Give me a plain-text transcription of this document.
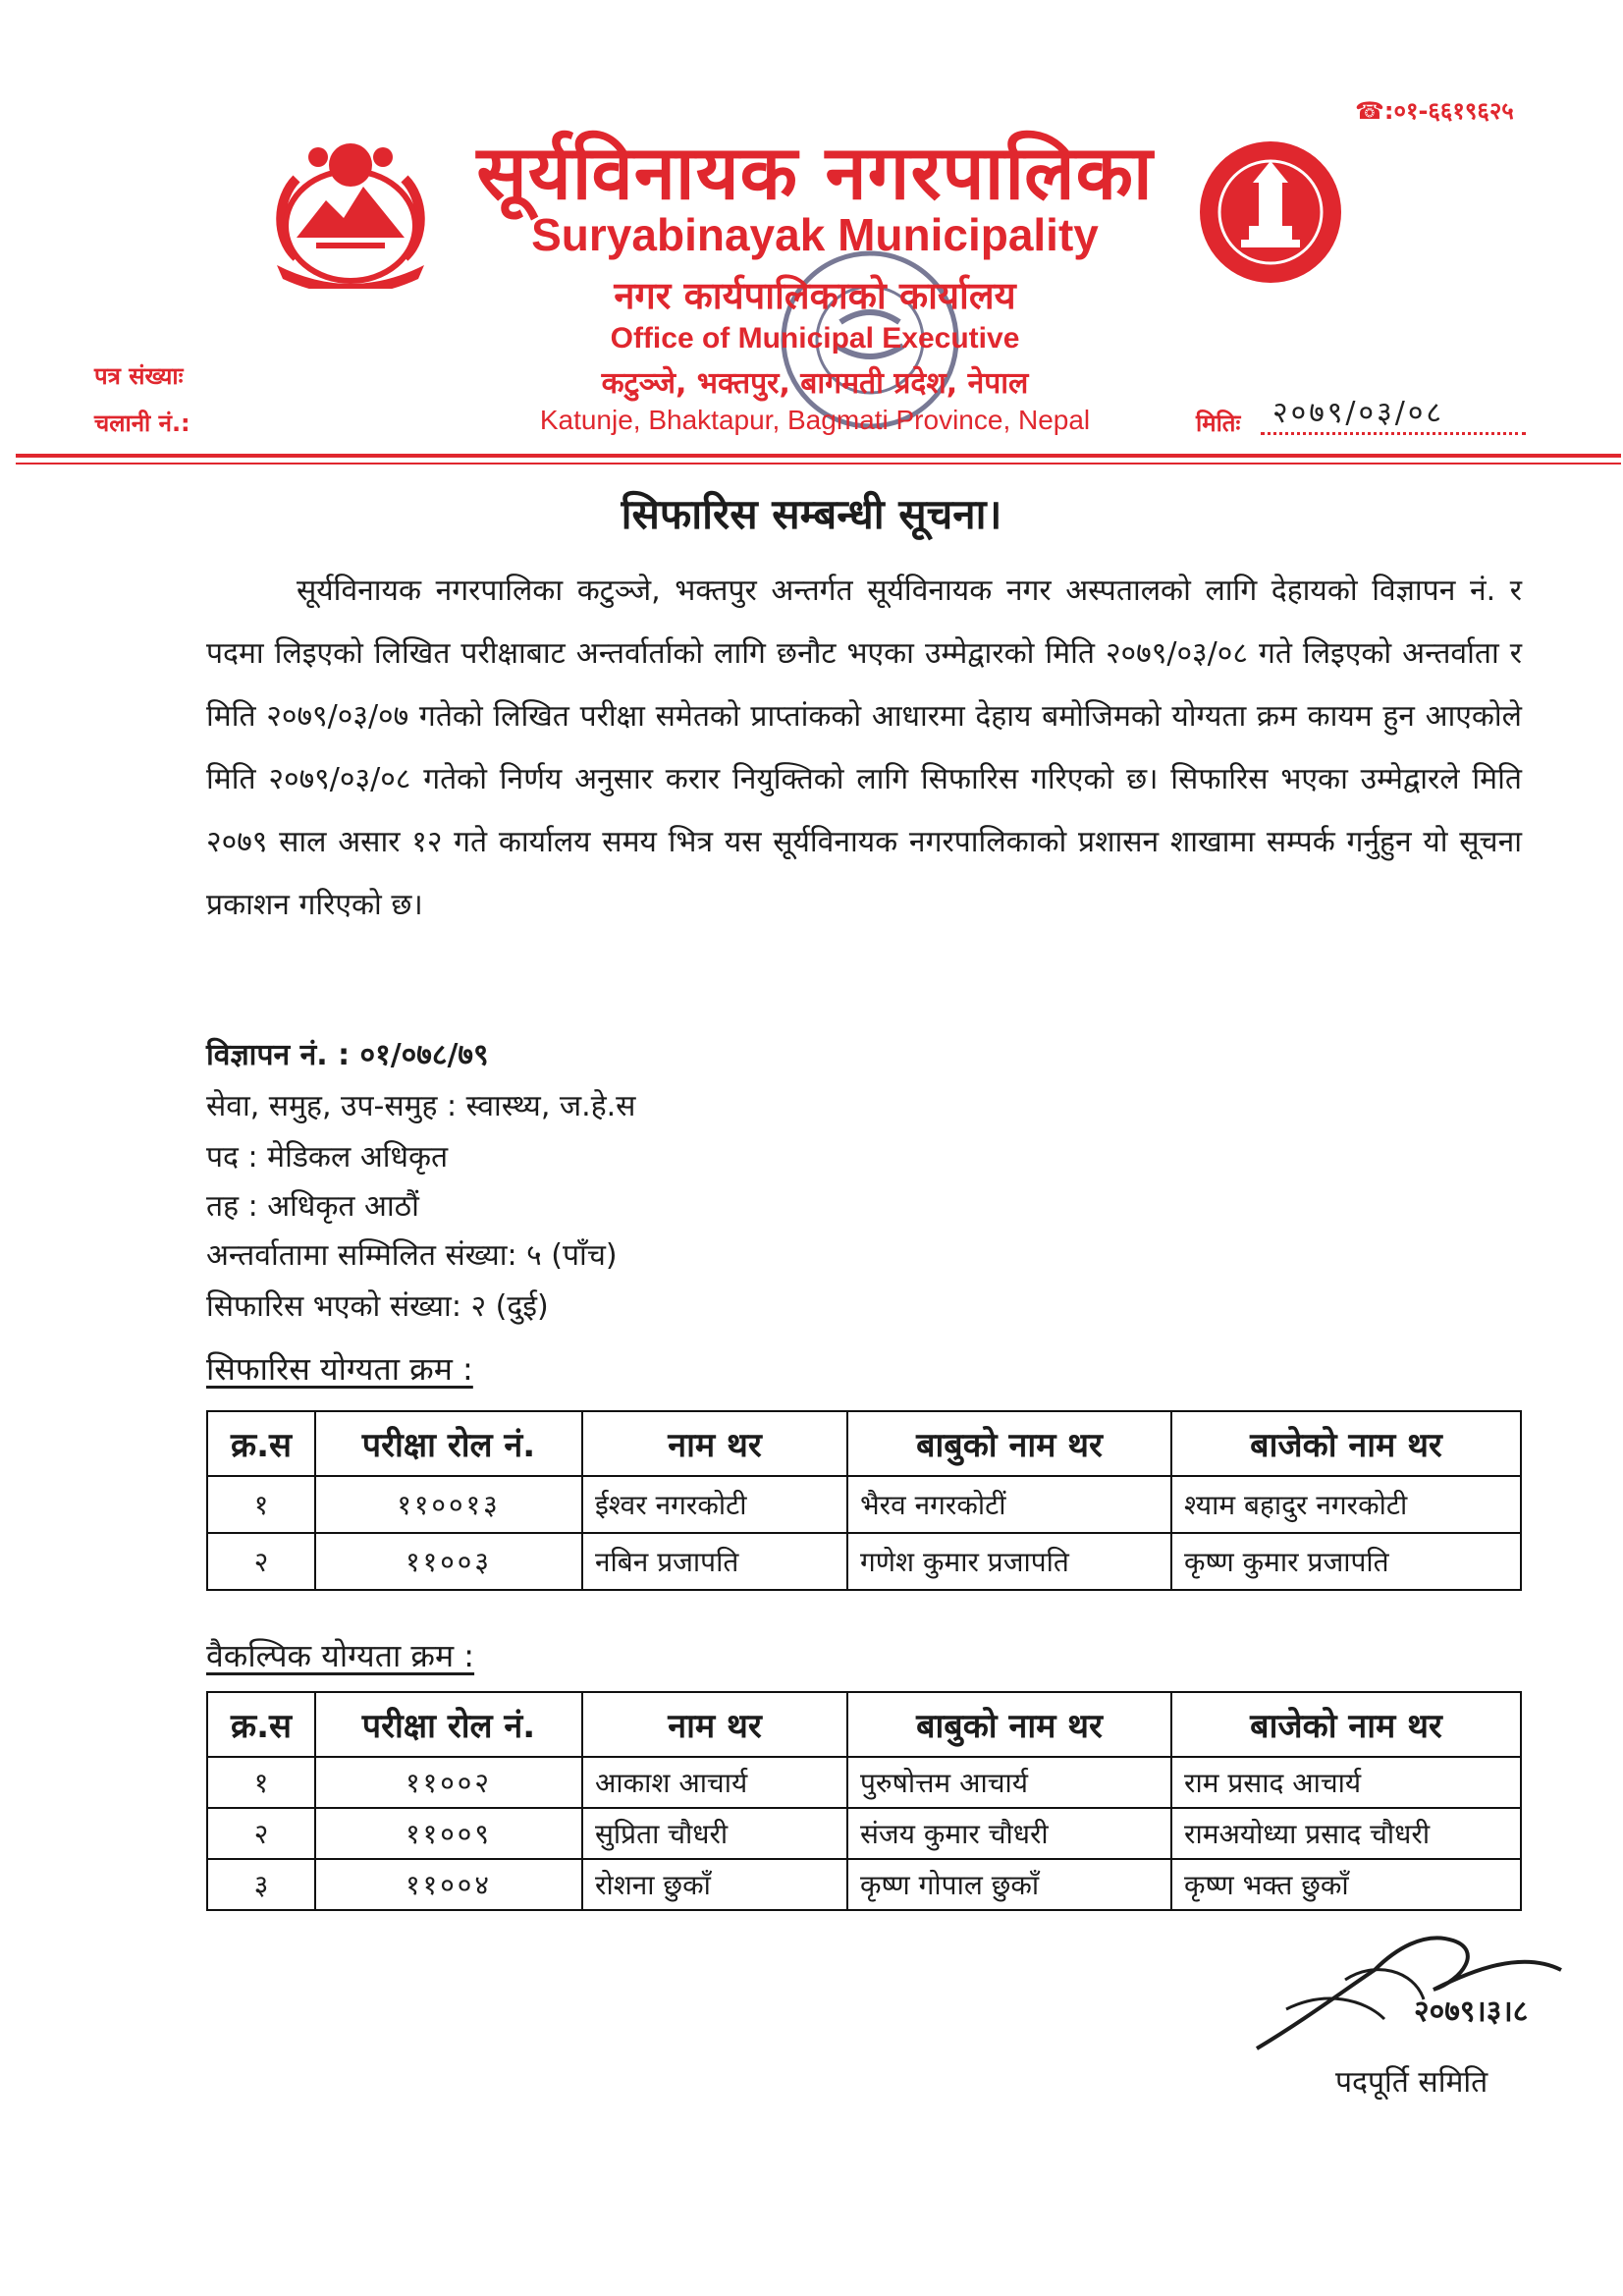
सूर्यविनायक नगरपालिका
Suryabinayak Municipality
नगर कार्यपालिकाको कार्यालय
Office of Municipal Executive
कटुञ्जे, भक्तपुर, बागमती प्रदेश, नेपाल
Katunje, Bhaktapur, Bagmati Province, Nepal
☎:०१-६६१९६२५
पत्र संख्याः
चलानी नं.:	मितिः २०७९/०३/०८
सिफारिस सम्बन्धी सूचना।
सूर्यविनायक नगरपालिका कटुञ्जे, भक्तपुर अन्तर्गत सूर्यविनायक नगर अस्पतालको लागि देहायको विज्ञापन नं. र पदमा लिइएको लिखित परीक्षाबाट अन्तर्वार्ताको लागि छनौट भएका उम्मेद्वारको मिति २०७९/०३/०८ गते लिइएको अन्तर्वाता र मिति २०७९/०३/०७ गतेको लिखित परीक्षा समेतको प्राप्तांकको आधारमा देहाय बमोजिमको योग्यता क्रम कायम हुन आएकोले मिति २०७९/०३/०८ गतेको निर्णय अनुसार करार नियुक्तिको लागि सिफारिस गरिएको छ। सिफारिस भएका उम्मेद्वारले मिति २०७९ साल असार १२ गते कार्यालय समय भित्र यस सूर्यविनायक नगरपालिकाको प्रशासन शाखामा सम्पर्क गर्नुहुन यो सूचना प्रकाशन गरिएको छ।
विज्ञापन नं. : ०१/०७८/७९
सेवा, समुह, उप-समुह : स्वास्थ्य, ज.हे.स
पद : मेडिकल अधिकृत
तह : अधिकृत आठौं
अन्तर्वातामा सम्मिलित संख्या: ५ (पाँच)
सिफारिस भएको संख्या: २ (दुई)
सिफारिस योग्यता क्रम :
क्र.स	परीक्षा रोल नं.	नाम थर	बाबुको नाम थर	बाजेको नाम थर
१	११००१३	ईश्वर नगरकोटी	भैरव नगरकोटीं	श्याम बहादुर नगरकोटी
२	११००३	नबिन प्रजापति	गणेश कुमार प्रजापति	कृष्ण कुमार प्रजापति
वैकल्पिक योग्यता क्रम :
क्र.स	परीक्षा रोल नं.	नाम थर	बाबुको नाम थर	बाजेको नाम थर
१	११००२	आकाश आचार्य	पुरुषोत्तम आचार्य	राम प्रसाद आचार्य
२	११००९	सुप्रिता चौधरी	संजय कुमार चौधरी	रामअयोध्या प्रसाद चौधरी
३	११००४	रोशना छुकाँ	कृष्ण गोपाल छुकाँ	कृष्ण भक्त छुकाँ
२०७९।३।८
पदपूर्ति समिति
